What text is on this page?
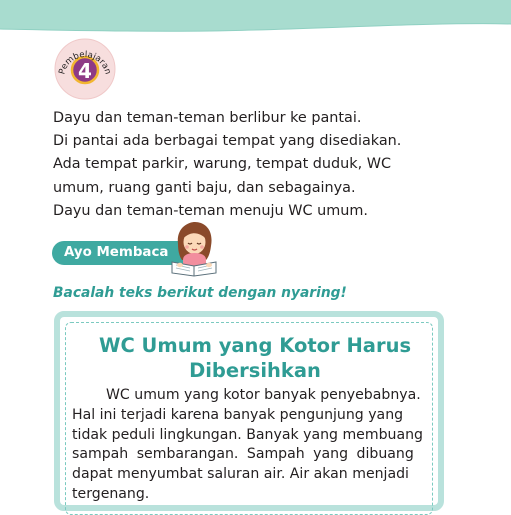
Pembelajaran
4

Dayu dan teman-teman berlibur ke pantai.

Di pantai ada berbagai tempat yang disediakan.

Ada tempat parkir, warung, tempat duduk, WC

umum, ruang ganti baju, dan sebagainya.

Dayu dan teman-teman menuju WC umum.

Ayo Membaca
Bacalah teks berikut dengan nyaring!
WC Umum yang Kotor Harus
Dibersihkan
WC umum yang kotor banyak penyebabnya.
Hal ini terjadi karena banyak pengunjung yang
tidak peduli lingkungan. Banyak yang membuang
sampah sembarangan. Sampah yang dibuang
dapat menyumbat saluran air. Air akan menjadi
tergenang.
